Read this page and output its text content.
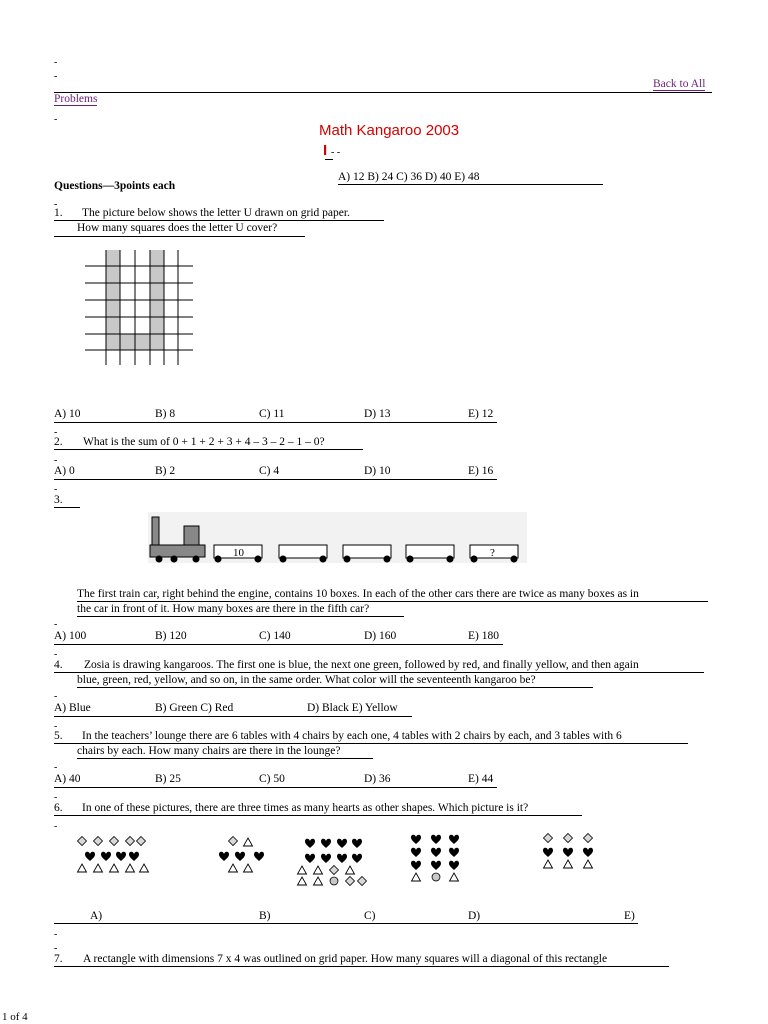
-
-
Back to All
Problems
-
Math Kangaroo 2003
I - -
A) 12 B) 24 C) 36 D) 40 E) 48
Questions—3points each
-
1. The picture below shows the letter U drawn on grid paper.
How many squares does the letter U cover?
A) 10	B) 8	C) 11	D) 13	E) 12
-
2. What is the sum of 0 + 1 + 2 + 3 + 4 – 3 – 2 – 1 – 0?
-
A) 0	B) 2	C) 4	D) 10	E) 16
-
3.
10	?
The first train car, right behind the engine, contains 10 boxes. In each of the other cars there are twice as many boxes as in
the car in front of it. How many boxes are there in the fifth car?
-
A) 100	B) 120	C) 140	D) 160	E) 180
-
4. Zosia is drawing kangaroos. The first one is blue, the next one green, followed by red, and finally yellow, and then again
blue, green, red, yellow, and so on, in the same order. What color will the seventeenth kangaroo be?
-
A) Blue	B) Green C) Red	D) Black E) Yellow
-
5. In the teachers’ lounge there are 6 tables with 4 chairs by each one, 4 tables with 2 chairs by each, and 3 tables with 6
chairs by each. How many chairs are there in the lounge?
-
A) 40	B) 25	C) 50	D) 36	E) 44
-
6. In one of these pictures, there are three times as many hearts as other shapes. Which picture is it?
-
A)	B)	C)	D)	E)
-
-
7. A rectangle with dimensions 7 x 4 was outlined on grid paper. How many squares will a diagonal of this rectangle
1 of 4
